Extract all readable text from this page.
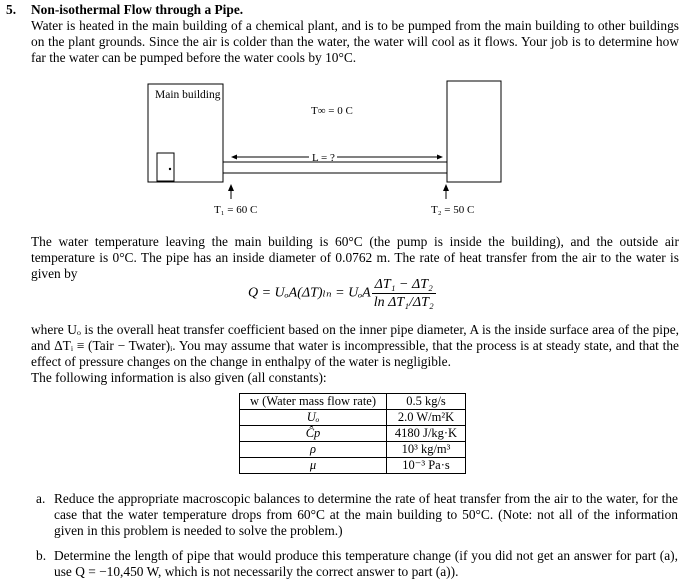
5. Non-isothermal Flow through a Pipe.
Water is heated in the main building of a chemical plant, and is to be pumped from the main building to other buildings on the plant grounds. Since the air is colder than the water, the water will cool as it flows. Your job is to determine how far the water can be pumped before the water cools by 10°C.
Main building
T∞ = 0 C
L = ?
T₁ = 60 C	T₂ = 50 C
The water temperature leaving the main building is 60°C (the pump is inside the building), and the outside air temperature is 0°C. The pipe has an inside diameter of 0.0762 m. The rate of heat transfer from the air to the water is given by
Q = UₒA(ΔT)ₗₙ = UₒA $\frac{\text{ΔT₁ − ΔT₂}}{\text{ln ΔT₁/ΔT₂}}$
where Uₒ is the overall heat transfer coefficient based on the inner pipe diameter, A is the inside surface area of the pipe, and ΔTᵢ ≡ (Tair − Twater)ᵢ. You may assume that water is incompressible, that the process is at steady state, and that the effect of pressure changes on the change in enthalpy of the water is negligible.
The following information is also given (all constants):
w (Water mass flow rate)	0.5 kg/s
Uₒ	2.0 W/m²K
Ĉp	4180 J/kg·K
ρ	10³ kg/m³
μ	10⁻³ Pa·s
a. Reduce the appropriate macroscopic balances to determine the rate of heat transfer from the air to the water, for the case that the water temperature drops from 60°C at the main building to 50°C. (Note: not all of the information given in this problem is needed to solve the problem.)
b. Determine the length of pipe that would produce this temperature change (if you did not get an answer for part (a), use Q = −10,450 W, which is not necessarily the correct answer to part (a)).
